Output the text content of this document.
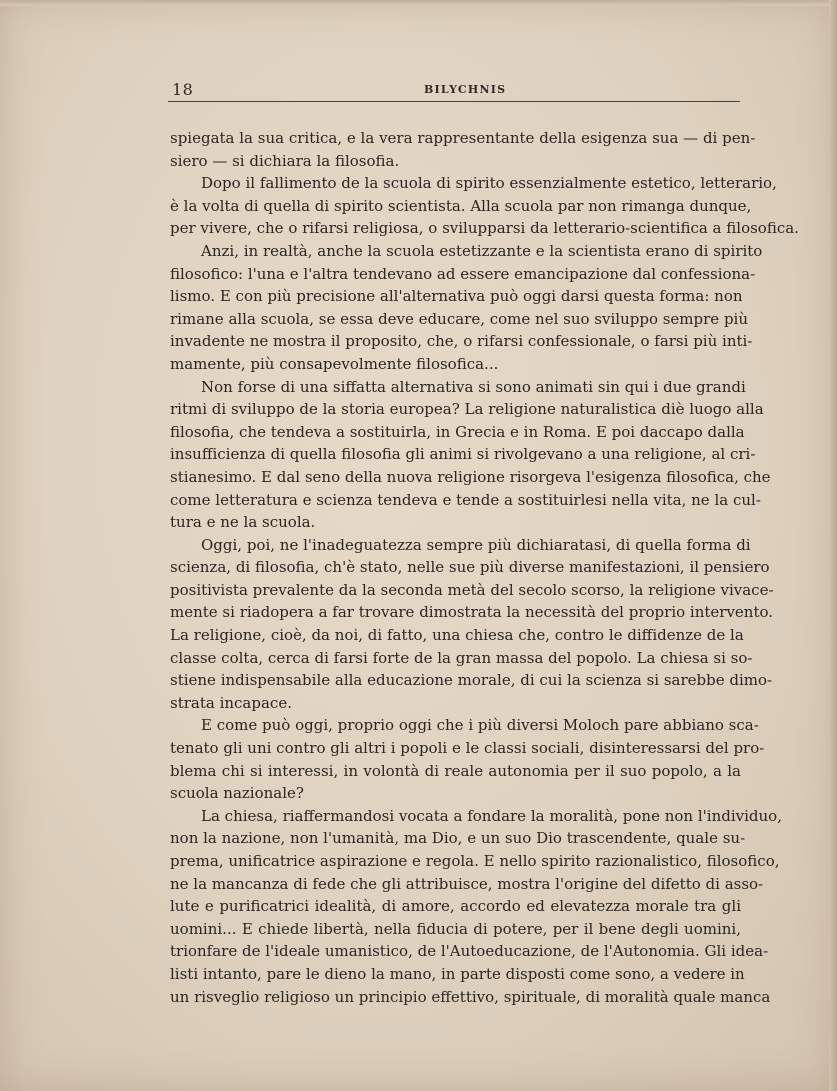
18	BILYCHNIS

spiegata la sua critica, e la vera rappresentante della esigenza sua — di pen-
siero — si dichiara la filosofia.

Dopo il fallimento de la scuola di spirito essenzialmente estetico, letterario,
è la volta di quella di spirito scientista. Alla scuola par non rimanga dunque,
per vivere, che o rifarsi religiosa, o svilupparsi da letterario-scientifica a filosofica.

Anzi, in realtà, anche la scuola estetizzante e la scientista erano di spirito
filosofico: l'una e l'altra tendevano ad essere emancipazione dal confessiona-
lismo. E con più precisione all'alternativa può oggi darsi questa forma: non
rimane alla scuola, se essa deve educare, come nel suo sviluppo sempre più
invadente ne mostra il proposito, che, o rifarsi confessionale, o farsi più inti-
mamente, più consapevolmente filosofica...

Non forse di una siffatta alternativa si sono animati sin qui i due grandi
ritmi di sviluppo de la storia europea? La religione naturalistica diè luogo alla
filosofia, che tendeva a sostituirla, in Grecia e in Roma. E poi daccapo dalla
insufficienza di quella filosofia gli animi si rivolgevano a una religione, al cri-
stianesimo. E dal seno della nuova religione risorgeva l'esigenza filosofica, che
come letteratura e scienza tendeva e tende a sostituirlesi nella vita, ne la cul-
tura e ne la scuola.

Oggi, poi, ne l'inadeguatezza sempre più dichiaratasi, di quella forma di
scienza, di filosofia, ch'è stato, nelle sue più diverse manifestazioni, il pensiero
positivista prevalente da la seconda metà del secolo scorso, la religione vivace-
mente si riadopera a far trovare dimostrata la necessità del proprio intervento.
La religione, cioè, da noi, di fatto, una chiesa che, contro le diffidenze de la
classe colta, cerca di farsi forte de la gran massa del popolo. La chiesa si so-
stiene indispensabile alla educazione morale, di cui la scienza si sarebbe dimo-
strata incapace.

E come può oggi, proprio oggi che i più diversi Moloch pare abbiano sca-
tenato gli uni contro gli altri i popoli e le classi sociali, disinteressarsi del pro-
blema chi si interessi, in volontà di reale autonomia per il suo popolo, a la
scuola nazionale?

La chiesa, riaffermandosi vocata a fondare la moralità, pone non l'individuo,
non la nazione, non l'umanità, ma Dio, e un suo Dio trascendente, quale su-
prema, unificatrice aspirazione e regola. E nello spirito razionalistico, filosofico,
ne la mancanza di fede che gli attribuisce, mostra l'origine del difetto di asso-
lute e purificatrici idealità, di amore, accordo ed elevatezza morale tra gli
uomini... E chiede libertà, nella fiducia di potere, per il bene degli uomini,
trionfare de l'ideale umanistico, de l'Autoeducazione, de l'Autonomia. Gli idea-
listi intanto, pare le dieno la mano, in parte disposti come sono, a vedere in
un risveglio religioso un principio effettivo, spirituale, di moralità quale manca
